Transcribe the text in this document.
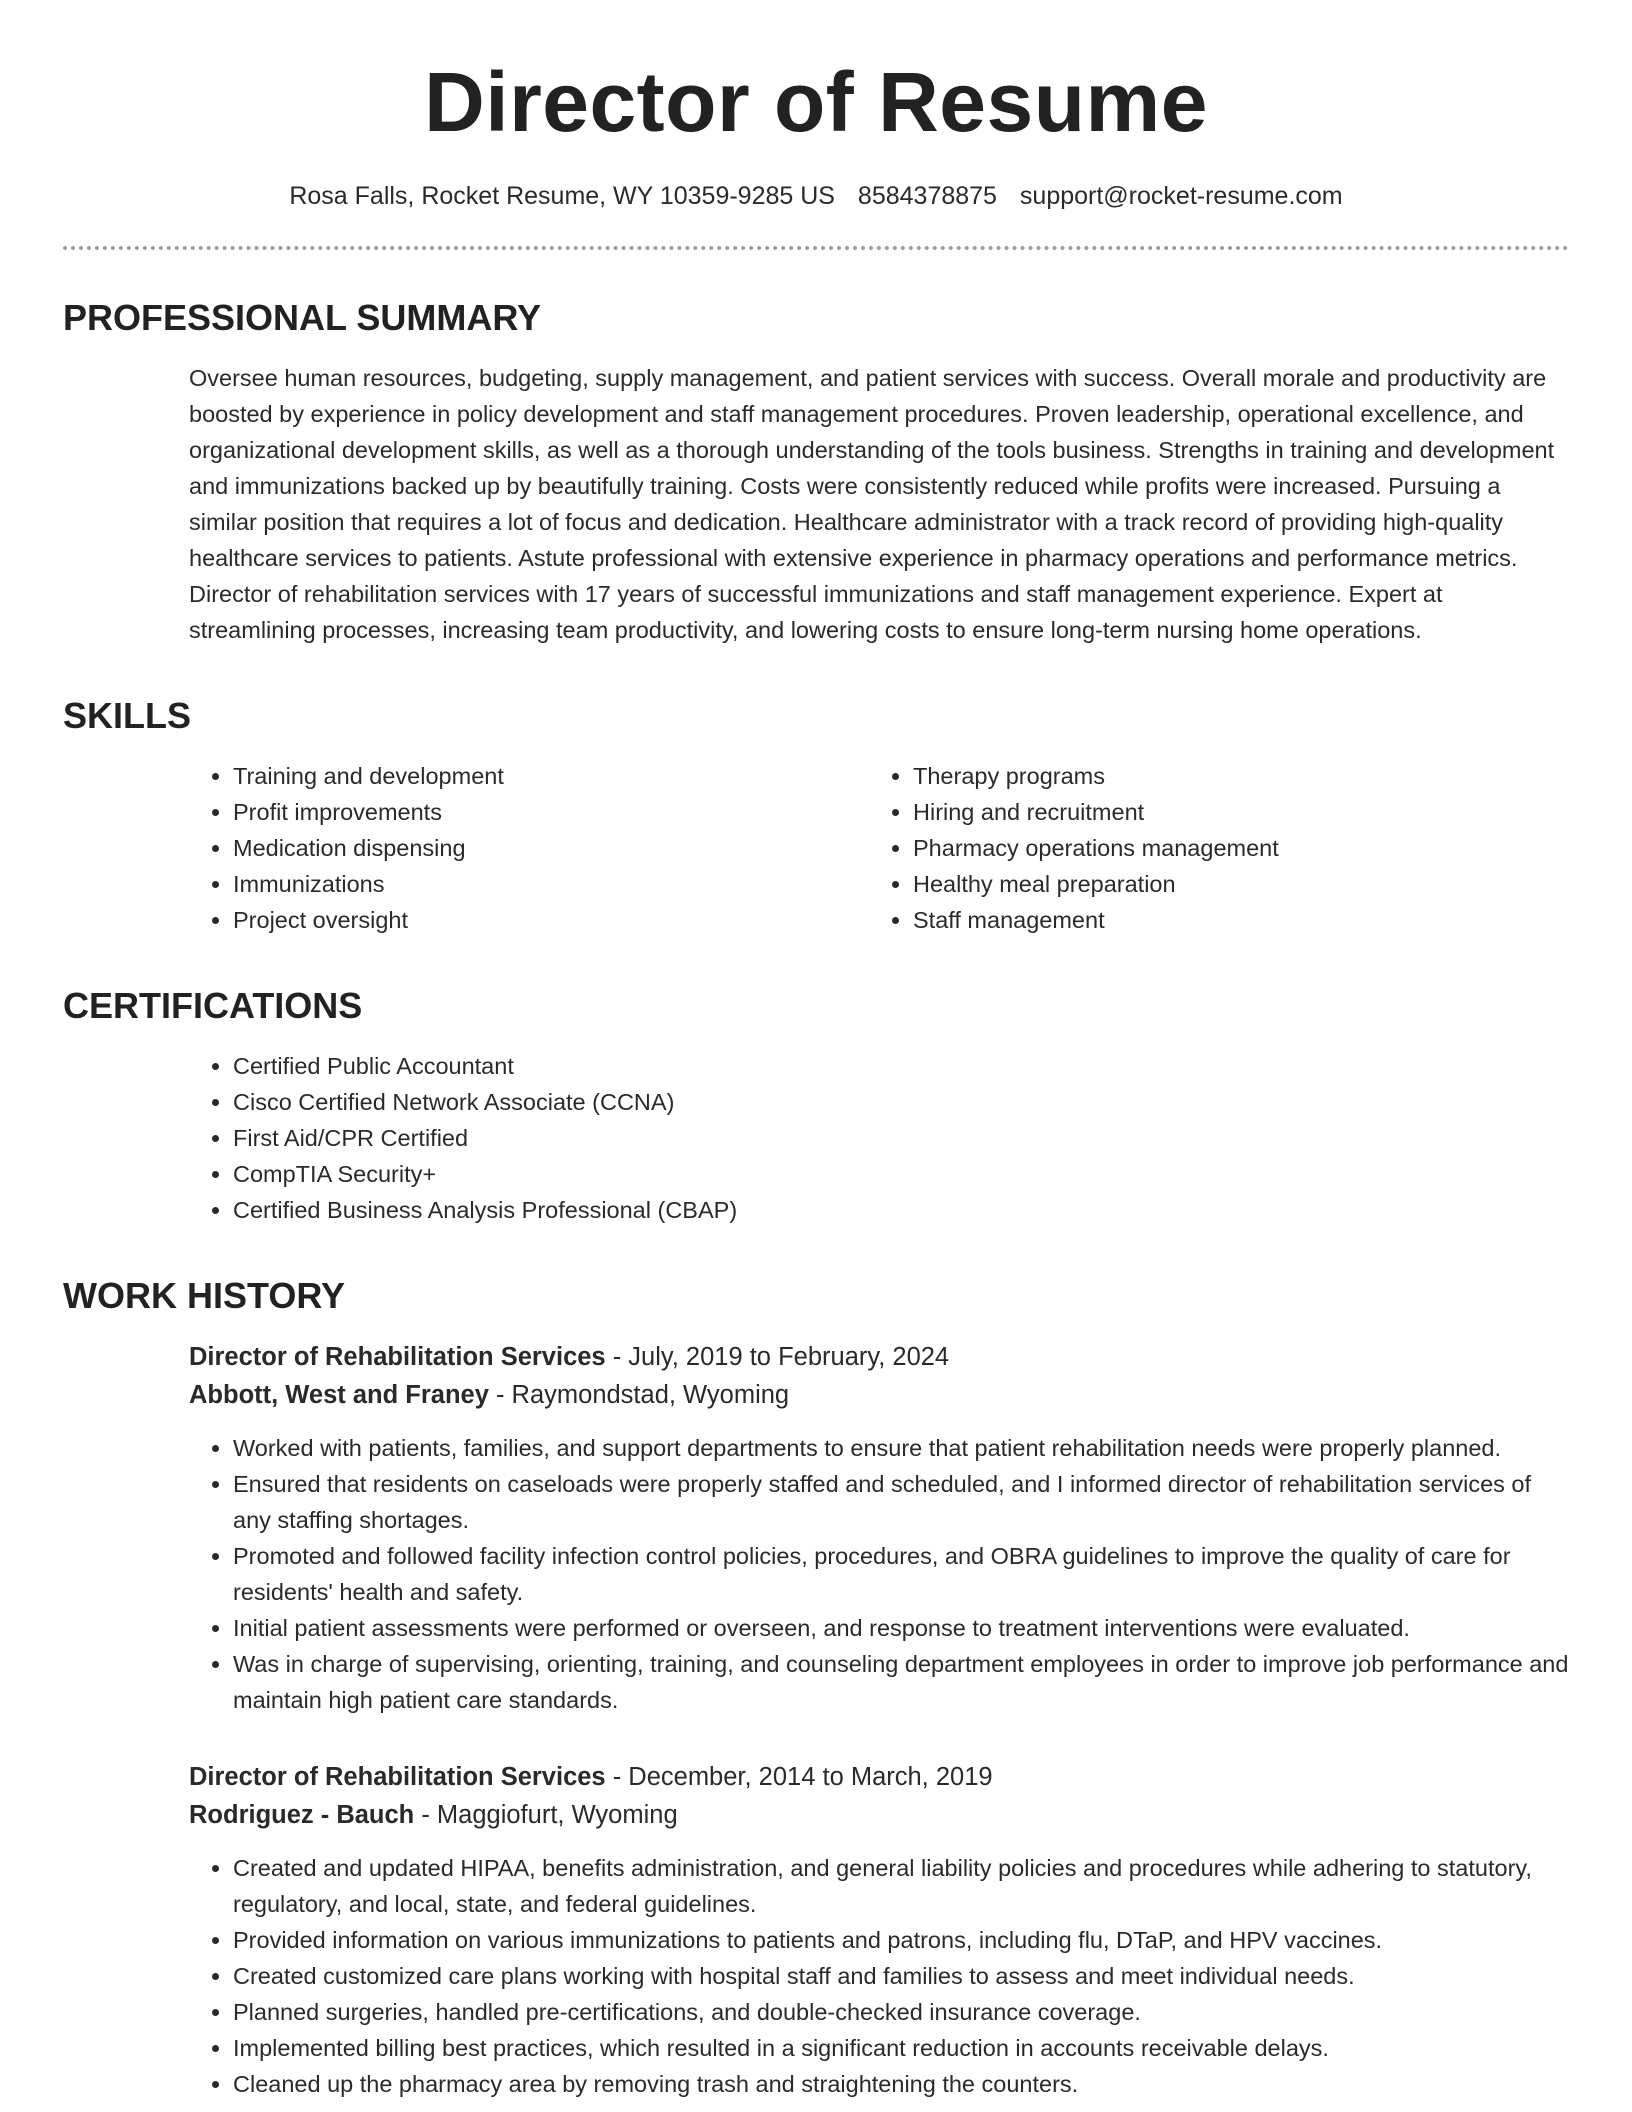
Director of Resume
Rosa Falls, Rocket Resume, WY 10359-9285 US 8584378875 support@rocket-resume.com
PROFESSIONAL SUMMARY

Oversee human resources, budgeting, supply management, and patient services with success. Overall morale and productivity are boosted by experience in policy development and staff management procedures. Proven leadership, operational excellence, and organizational development skills, as well as a thorough understanding of the tools business. Strengths in training and development and immunizations backed up by beautifully training. Costs were consistently reduced while profits were increased. Pursuing a similar position that requires a lot of focus and dedication. Healthcare administrator with a track record of providing high-quality healthcare services to patients. Astute professional with extensive experience in pharmacy operations and performance metrics. Director of rehabilitation services with 17 years of successful immunizations and staff management experience. Expert at streamlining processes, increasing team productivity, and lowering costs to ensure long-term nursing home operations.

SKILLS
• Training and development
• Profit improvements
• Medication dispensing
• Immunizations
• Project oversight
• Therapy programs
• Hiring and recruitment
• Pharmacy operations management
• Healthy meal preparation
• Staff management
CERTIFICATIONS
• Certified Public Accountant
• Cisco Certified Network Associate (CCNA)
• First Aid/CPR Certified
• CompTIA Security+
• Certified Business Analysis Professional (CBAP)
WORK HISTORY
Director of Rehabilitation Services - July, 2019 to February, 2024
Abbott, West and Franey - Raymondstad, Wyoming
• Worked with patients, families, and support departments to ensure that patient rehabilitation needs were properly planned.
• Ensured that residents on caseloads were properly staffed and scheduled, and I informed director of rehabilitation services of any staffing shortages.
• Promoted and followed facility infection control policies, procedures, and OBRA guidelines to improve the quality of care for residents' health and safety.
• Initial patient assessments were performed or overseen, and response to treatment interventions were evaluated.
• Was in charge of supervising, orienting, training, and counseling department employees in order to improve job performance and maintain high patient care standards.
Director of Rehabilitation Services - December, 2014 to March, 2019
Rodriguez - Bauch - Maggiofurt, Wyoming
• Created and updated HIPAA, benefits administration, and general liability policies and procedures while adhering to statutory, regulatory, and local, state, and federal guidelines.
• Provided information on various immunizations to patients and patrons, including flu, DTaP, and HPV vaccines.
• Created customized care plans working with hospital staff and families to assess and meet individual needs.
• Planned surgeries, handled pre-certifications, and double-checked insurance coverage.
• Implemented billing best practices, which resulted in a significant reduction in accounts receivable delays.
• Cleaned up the pharmacy area by removing trash and straightening the counters.
